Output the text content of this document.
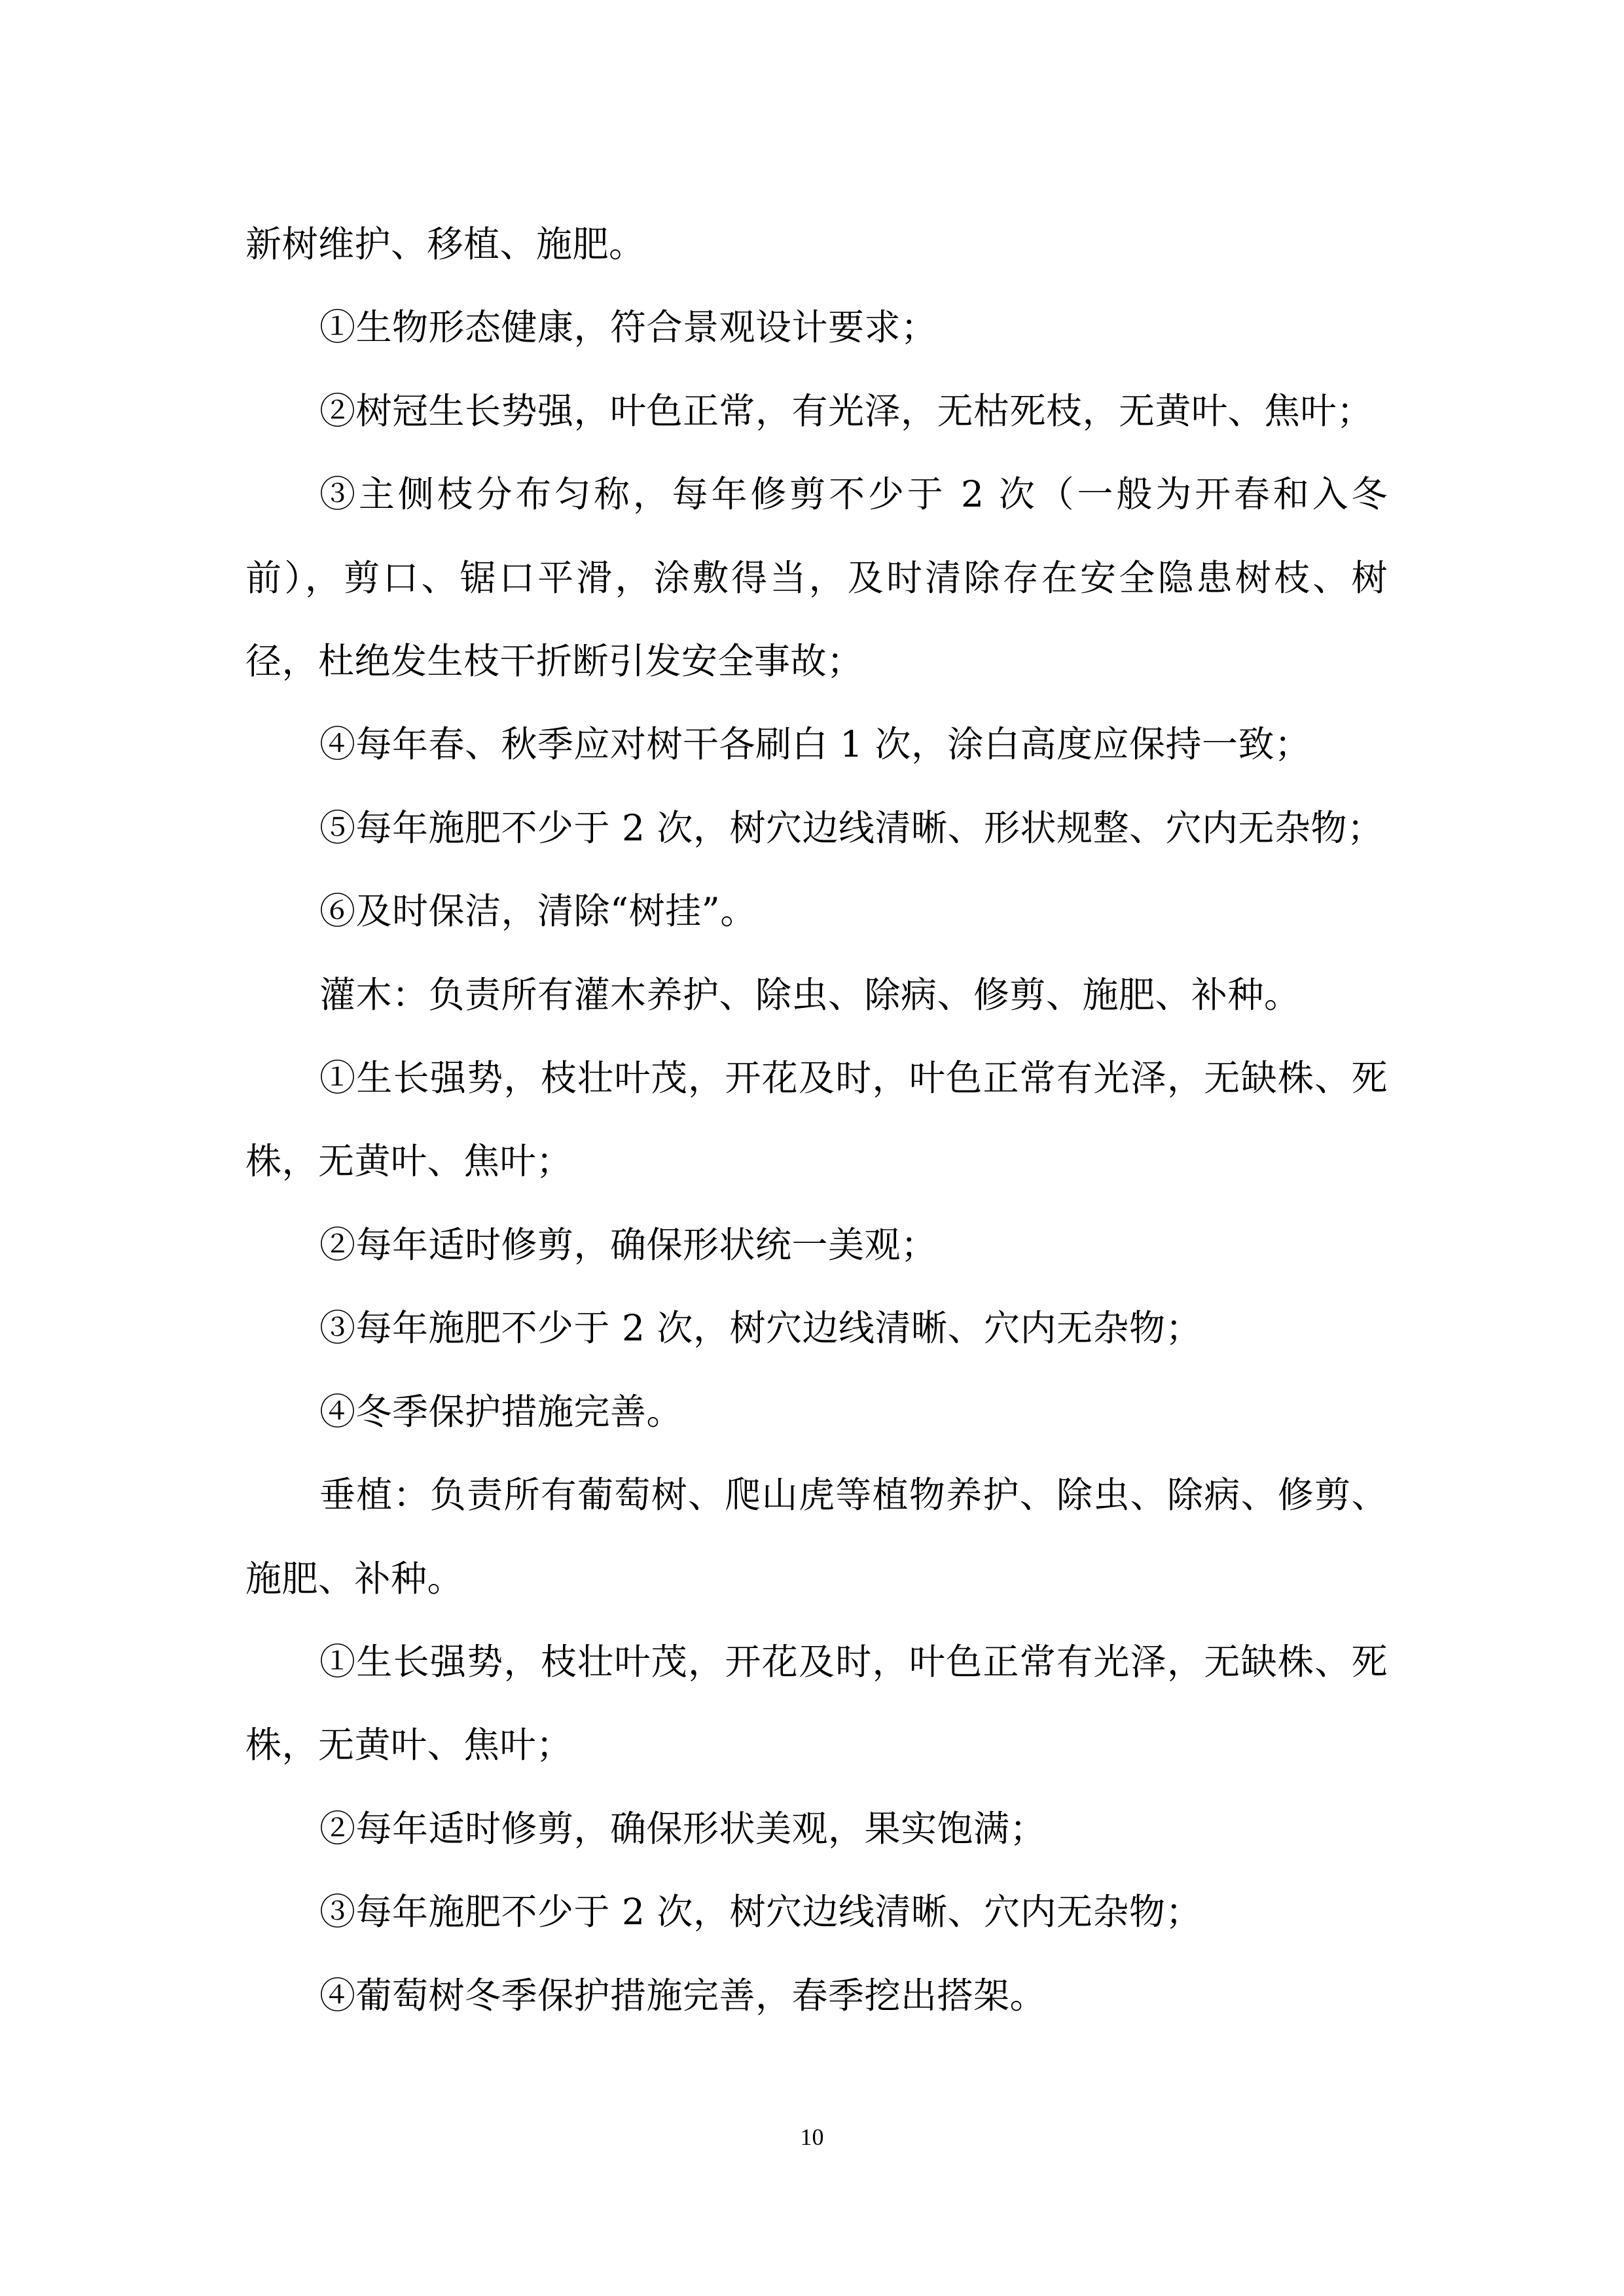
新树维护、移植、施肥。

①生物形态健康，符合景观设计要求；

②树冠生长势强，叶色正常，有光泽，无枯死枝，无黄叶、焦叶；

③主侧枝分布匀称，每年修剪不少于 2 次（一般为开春和入冬前），剪口、锯口平滑，涂敷得当，及时清除存在安全隐患树枝、树径，杜绝发生枝干折断引发安全事故；

④每年春、秋季应对树干各刷白 1 次，涂白高度应保持一致；

⑤每年施肥不少于 2 次，树穴边线清晰、形状规整、穴内无杂物；

⑥及时保洁，清除“树挂”。

灌木：负责所有灌木养护、除虫、除病、修剪、施肥、补种。

①生长强势，枝壮叶茂，开花及时，叶色正常有光泽，无缺株、死株，无黄叶、焦叶；

②每年适时修剪，确保形状统一美观；

③每年施肥不少于 2 次，树穴边线清晰、穴内无杂物；

④冬季保护措施完善。

垂植：负责所有葡萄树、爬山虎等植物养护、除虫、除病、修剪、施肥、补种。

①生长强势，枝壮叶茂，开花及时，叶色正常有光泽，无缺株、死株，无黄叶、焦叶；

②每年适时修剪，确保形状美观，果实饱满；

③每年施肥不少于 2 次，树穴边线清晰、穴内无杂物；

④葡萄树冬季保护措施完善，春季挖出搭架。

10
